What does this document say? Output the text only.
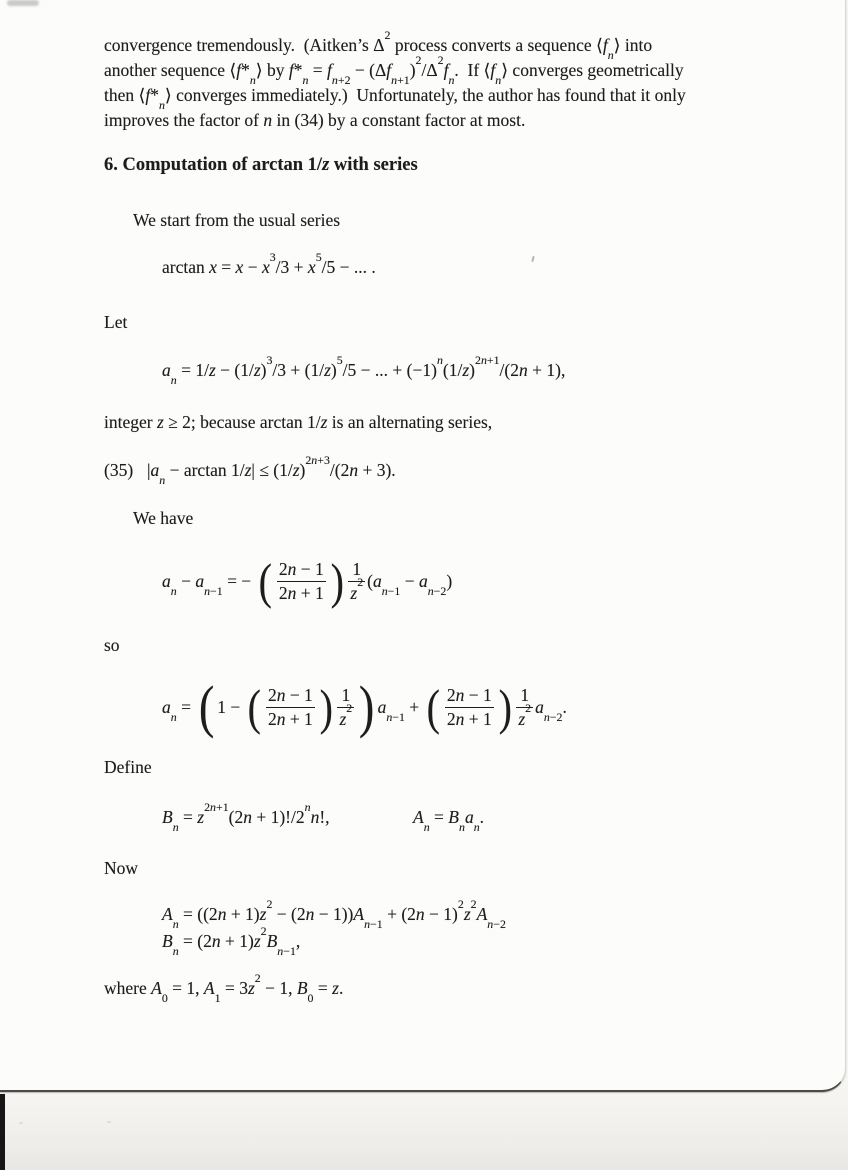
convergence tremendously.  (Aitken’s $\Delta^2$ process converts a sequence $⟨f_n⟩$ into
another sequence $⟨f*_n⟩$ by $f*_n = f_{n+2} - (\Delta f_{n+1})^2/\Delta^2f_n$.  If $⟨f_n⟩$ converges geometrically
then $⟨f*_n⟩$ converges immediately.)  Unfortunately, the author has found that it only
improves the factor of n in (34) by a constant factor at most.
6. Computation of arctan 1/z with series
We start from the usual series
$\arctan x = x - x^3/3 + x^5/5$ − ... .
Let
$a_n = 1/z - (1/z)^3/3 + (1/z)^5/5$ − ... + $(-1)^n(1/z)^{2n+1}/(2n + 1)$,
integer z ≥ 2; because arctan 1/z is an alternating series,
(35) $|a_n - \arctan 1/z| \le (1/z)^{2n+3}/(2n + 3)$.
We have
$a_n - a_{n-1}$ = − ( $\frac{2n - 1}{2n + 1}$ ) $\frac{1}{z^2} (a_{n-1} - a_{n-2})$
so
$a_n$ = ( 1 − ( $\frac{2n - 1}{2n + 1}$ ) $\frac{1}{z^2}$ ) $a_{n-1}$ + ( $\frac{2n - 1}{2n + 1}$ ) $\frac{1}{z^2} a_{n-2}$.
Define
$B_n = z^{2n+1}(2n + 1)!/2^nn$!,	$A_n = B_na_n$.
Now
$A_n = ((2n + 1)z^2 - (2n - 1))A_{n-1} + (2n - 1)^2z^2A_{n-2}$
$B_n = (2n + 1)z^2B_{n-1}$,
where $A_0 = 1$, $A_1 = 3z^2 - 1$, $B_0 = z$.
